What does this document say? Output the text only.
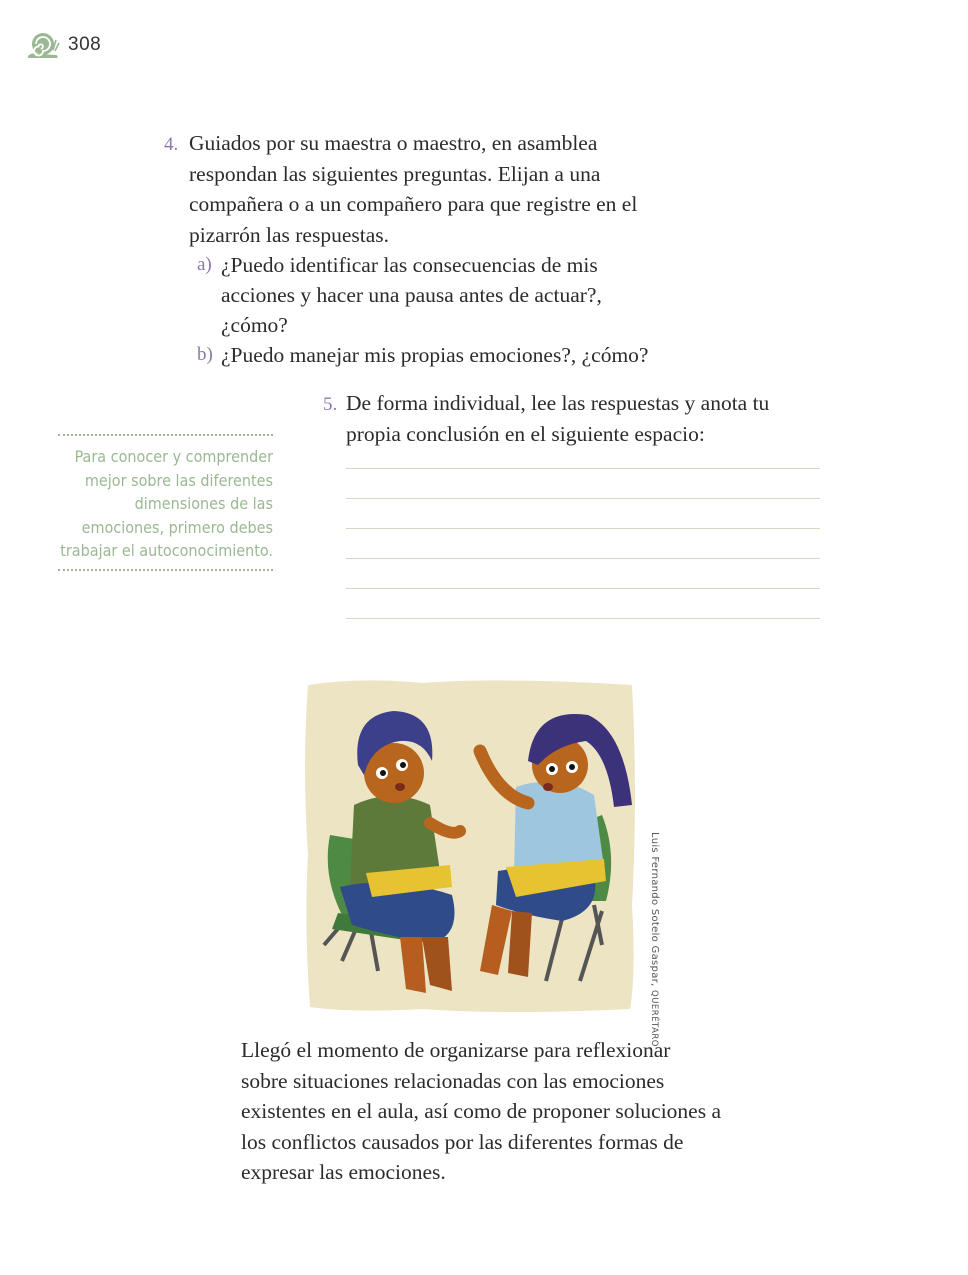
308
4. Guiados por su maestra o maestro, en asamblea respondan las siguientes preguntas. Elijan a una compañera o a un compañero para que registre en el pizarrón las respuestas.
a) ¿Puedo identificar las consecuencias de mis acciones y hacer una pausa antes de actuar?, ¿cómo?
b) ¿Puedo manejar mis propias emociones?, ¿cómo?
5. De forma individual, lee las respuestas y anota tu propia conclusión en el siguiente espacio:

Para conocer y comprender mejor sobre las diferentes dimensiones de las emociones, primero debes trabajar el autoconocimiento.

Luis Fernando Sotelo Gaspar, QUERÉTARO

Llegó el momento de organizarse para reflexionar sobre situaciones relacionadas con las emociones existentes en el aula, así como de proponer soluciones a los conflictos causados por las diferentes formas de expresar las emociones.
